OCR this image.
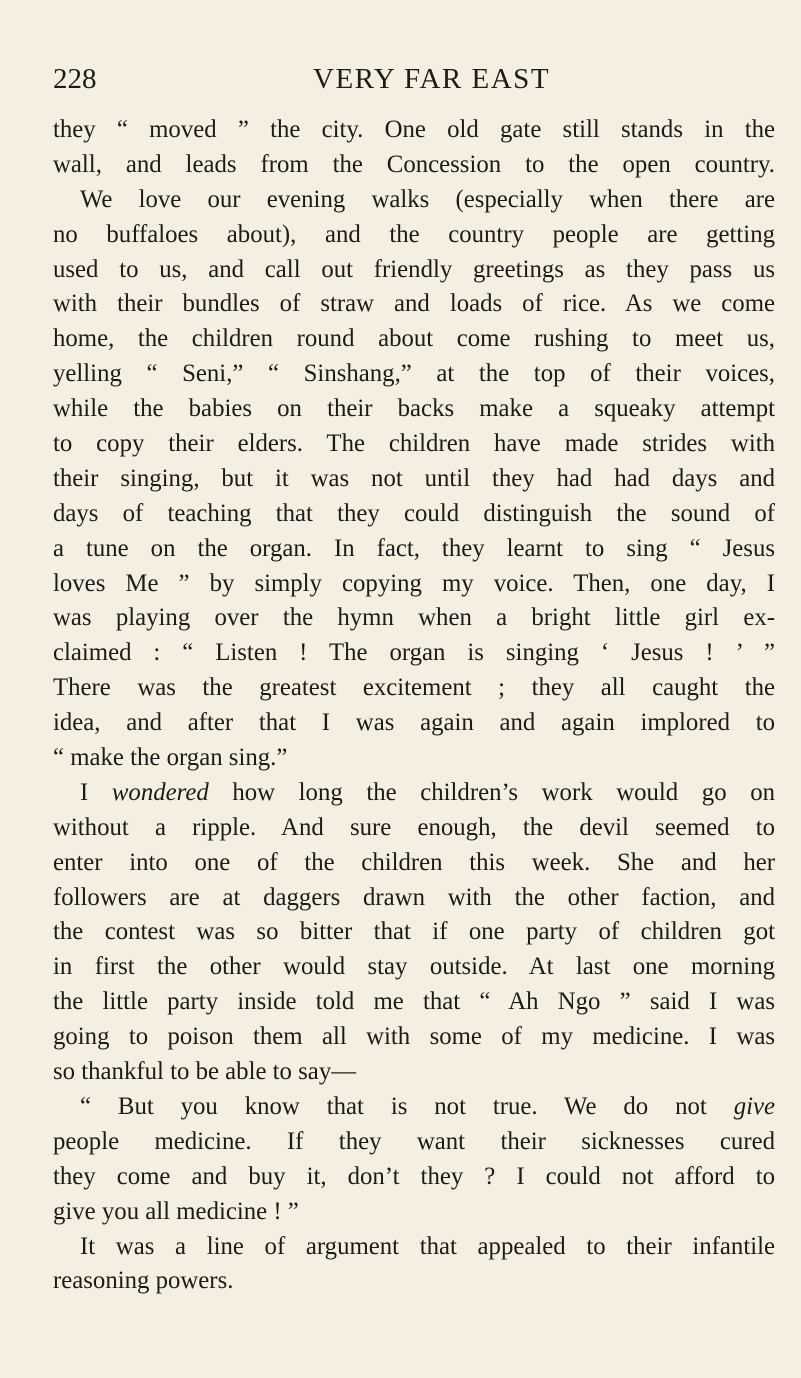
228	VERY FAR EAST
they “ moved ” the city. One old gate still stands in the
wall, and leads from the Concession to the open country.
We love our evening walks (especially when there are
no buffaloes about), and the country people are getting
used to us, and call out friendly greetings as they pass us
with their bundles of straw and loads of rice. As we come
home, the children round about come rushing to meet us,
yelling “ Seni,” “ Sinshang,” at the top of their voices,
while the babies on their backs make a squeaky attempt
to copy their elders. The children have made strides with
their singing, but it was not until they had had days and
days of teaching that they could distinguish the sound of
a tune on the organ. In fact, they learnt to sing “ Jesus
loves Me ” by simply copying my voice. Then, one day, I
was playing over the hymn when a bright little girl ex-
claimed : “ Listen ! The organ is singing ‘ Jesus ! ’ ”
There was the greatest excitement ; they all caught the
idea, and after that I was again and again implored to
“ make the organ sing.”
I wondered how long the children’s work would go on
without a ripple. And sure enough, the devil seemed to
enter into one of the children this week. She and her
followers are at daggers drawn with the other faction, and
the contest was so bitter that if one party of children got
in first the other would stay outside. At last one morning
the little party inside told me that “ Ah Ngo ” said I was
going to poison them all with some of my medicine. I was
so thankful to be able to say—
“ But you know that is not true. We do not give
people medicine. If they want their sicknesses cured
they come and buy it, don’t they ? I could not afford to
give you all medicine ! ”
It was a line of argument that appealed to their infantile
reasoning powers.
